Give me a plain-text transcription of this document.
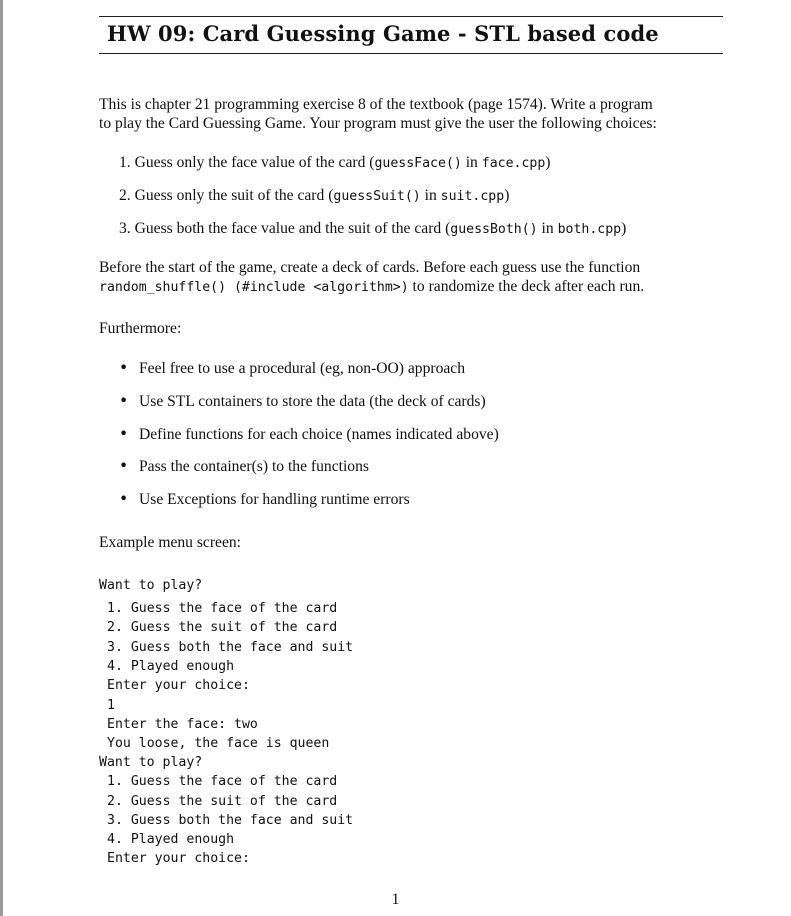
HW 09: Card Guessing Game - STL based code
This is chapter 21 programming exercise 8 of the textbook (page 1574). Write a program
to play the Card Guessing Game. Your program must give the user the following choices:
1. Guess only the face value of the card (guessFace() in face.cpp)
2. Guess only the suit of the card (guessSuit() in suit.cpp)
3. Guess both the face value and the suit of the card (guessBoth() in both.cpp)
Before the start of the game, create a deck of cards. Before each guess use the function
random_shuffle() (#include <algorithm>) to randomize the deck after each run.
Furthermore:
• Feel free to use a procedural (eg, non-OO) approach
• Use STL containers to store the data (the deck of cards)
• Define functions for each choice (names indicated above)
• Pass the container(s) to the functions
• Use Exceptions for handling runtime errors
Example menu screen:
Want to play?
1. Guess the face of the card
2. Guess the suit of the card
3. Guess both the face and suit
4. Played enough
Enter your choice:
1
Enter the face: two
You loose, the face is queen
Want to play?
1. Guess the face of the card
2. Guess the suit of the card
3. Guess both the face and suit
4. Played enough
Enter your choice:
1
